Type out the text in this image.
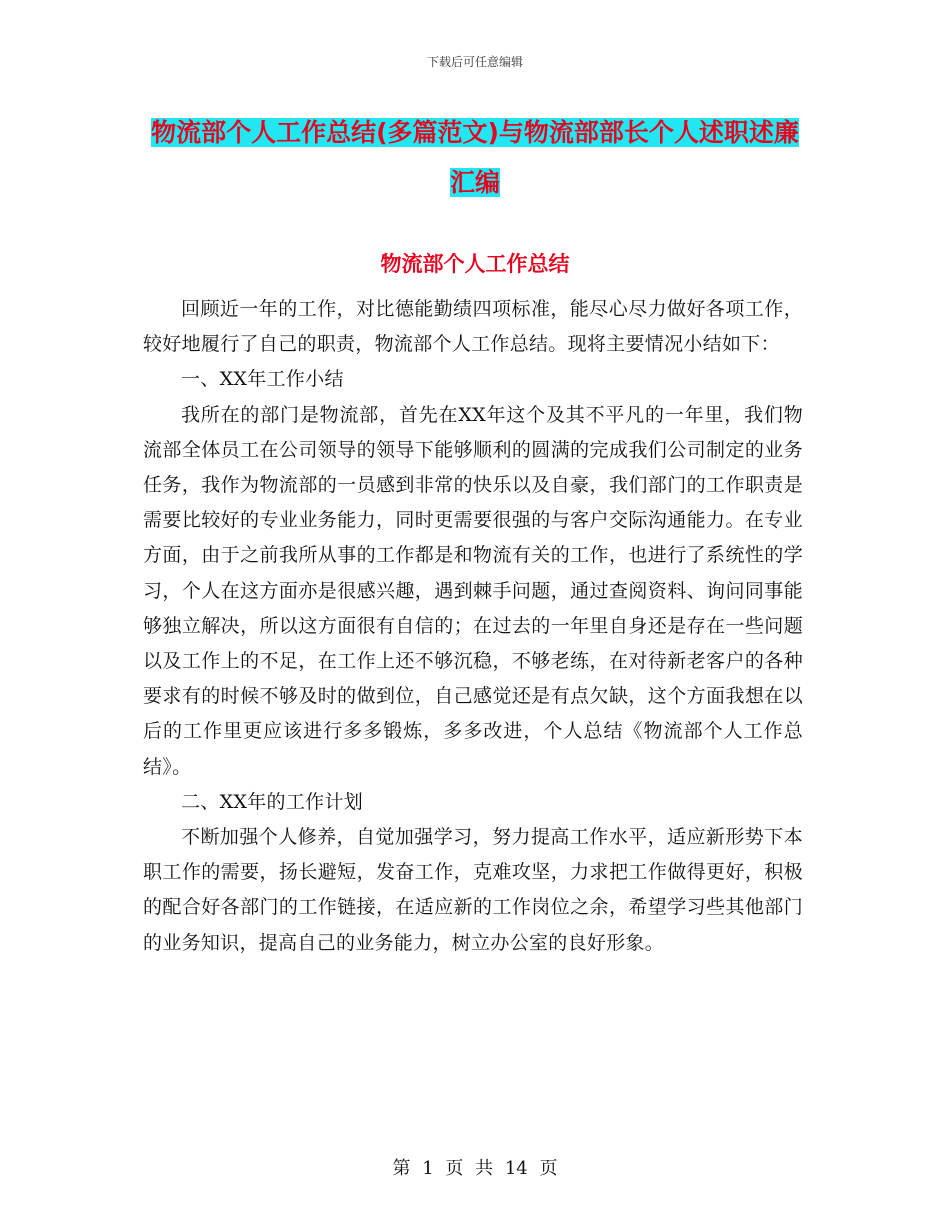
下载后可任意编辑
物流部个人工作总结(多篇范文)与物流部部长个人述职述廉汇编
物流部个人工作总结

回顾近一年的工作，对比德能勤绩四项标准，能尽心尽力做好各项工作，较好地履行了自己的职责，物流部个人工作总结。现将主要情况小结如下：

一、XX年工作小结

我所在的部门是物流部，首先在XX年这个及其不平凡的一年里，我们物流部全体员工在公司领导的领导下能够顺利的圆满的完成我们公司制定的业务任务，我作为物流部的一员感到非常的快乐以及自豪，我们部门的工作职责是需要比较好的专业业务能力，同时更需要很强的与客户交际沟通能力。在专业方面，由于之前我所从事的工作都是和物流有关的工作，也进行了系统性的学习，个人在这方面亦是很感兴趣，遇到棘手问题，通过查阅资料、询问同事能够独立解决，所以这方面很有自信的；在过去的一年里自身还是存在一些问题以及工作上的不足，在工作上还不够沉稳，不够老练，在对待新老客户的各种要求有的时候不够及时的做到位，自己感觉还是有点欠缺，这个方面我想在以后的工作里更应该进行多多锻炼，多多改进，个人总结《物流部个人工作总结》。

二、XX年的工作计划

不断加强个人修养，自觉加强学习，努力提高工作水平，适应新形势下本职工作的需要，扬长避短，发奋工作，克难攻坚，力求把工作做得更好，积极的配合好各部门的工作链接，在适应新的工作岗位之余，希望学习些其他部门的业务知识，提高自己的业务能力，树立办公室的良好形象。

第 1 页 共 14 页
